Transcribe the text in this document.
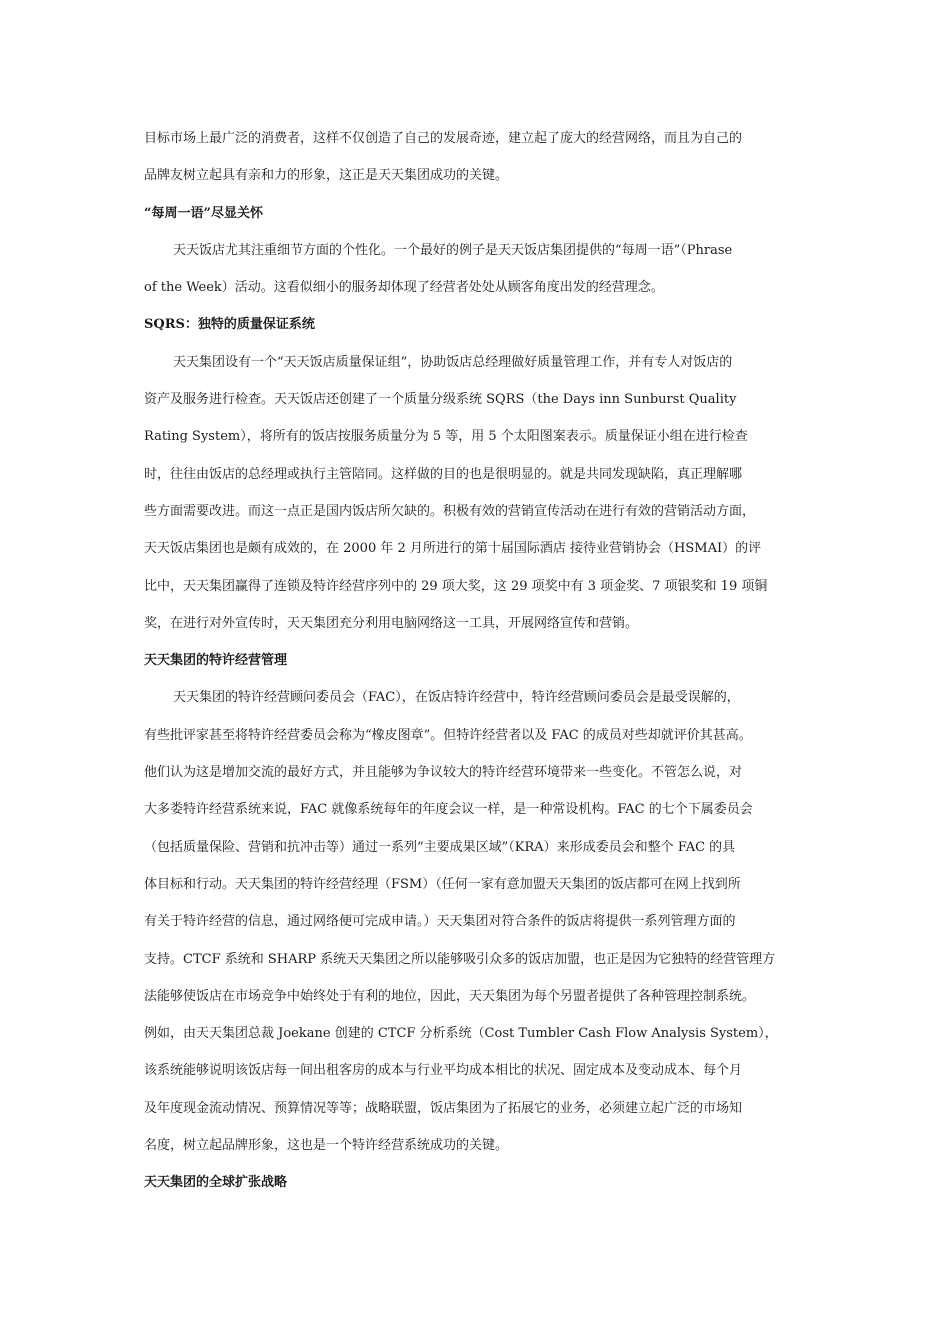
目标市场上最广泛的消费者，这样不仅创造了自己的发展奇迹，建立起了庞大的经营网络，而且为自己的
品牌友树立起具有亲和力的形象，这正是天天集团成功的关键。
“每周一语”尽显关怀
天天饭店尤其注重细节方面的个性化。一个最好的例子是天天饭店集团提供的“每周一语”（Phrase
of the Week）活动。这看似细小的服务却体现了经营者处处从顾客角度出发的经营理念。
SQRS：独特的质量保证系统
天天集团设有一个“天天饭店质量保证组”，协助饭店总经理做好质量管理工作，并有专人对饭店的
资产及服务进行检查。天天饭店还创建了一个质量分级系统 SQRS（the Days inn Sunburst Quality
Rating System），将所有的饭店按服务质量分为 5 等，用 5 个太阳图案表示。质量保证小组在进行检查
时，往往由饭店的总经理或执行主管陪同。这样做的目的也是很明显的。就是共同发现缺陷，真正理解哪
些方面需要改进。而这一点正是国内饭店所欠缺的。积极有效的营销宣传活动在进行有效的营销活动方面，
天天饭店集团也是颇有成效的，在 2000 年 2 月所进行的第十届国际酒店 接待业营销协会（HSMAI）的评
比中，天天集团赢得了连锁及特许经营序列中的 29 项大奖，这 29 项奖中有 3 项金奖、7 项银奖和 19 项铜
奖，在进行对外宣传时，天天集团充分利用电脑网络这一工具，开展网络宣传和营销。
天天集团的特许经营管理
天天集团的特许经营顾问委员会（FAC），在饭店特许经营中，特许经营顾问委员会是最受误解的，
有些批评家甚至将特许经营委员会称为“橡皮图章”。但特许经营者以及 FAC 的成员对些却就评价其甚高。
他们认为这是增加交流的最好方式，并且能够为争议较大的特许经营环境带来一些变化。不管怎么说，对
大多娄特许经营系统来说，FAC 就像系统每年的年度会议一样，是一种常设机构。FAC 的七个下属委员会
（包括质量保险、营销和抗冲击等）通过一系列“主要成果区域”（KRA）来形成委员会和整个 FAC 的具
体目标和行动。天天集团的特许经营经理（FSM）（任何一家有意加盟天天集团的饭店都可在网上找到所
有关于特许经营的信息，通过网络便可完成申请。）天天集团对符合条件的饭店将提供一系列管理方面的
支持。CTCF 系统和 SHARP 系统天天集团之所以能够吸引众多的饭店加盟，也正是因为它独特的经营管理方
法能够使饭店在市场竞争中始终处于有利的地位，因此，天天集团为每个另盟者提供了各种管理控制系统。
例如，由天天集团总裁 Joekane 创建的 CTCF 分析系统（Cost Tumbler Cash Flow Analysis System），
该系统能够说明该饭店每一间出租客房的成本与行业平均成本相比的状况、固定成本及变动成本、每个月
及年度现金流动情况、预算情况等等；战略联盟，饭店集团为了拓展它的业务，必须建立起广泛的市场知
名度，树立起品牌形象，这也是一个特许经营系统成功的关键。
天天集团的全球扩张战略
